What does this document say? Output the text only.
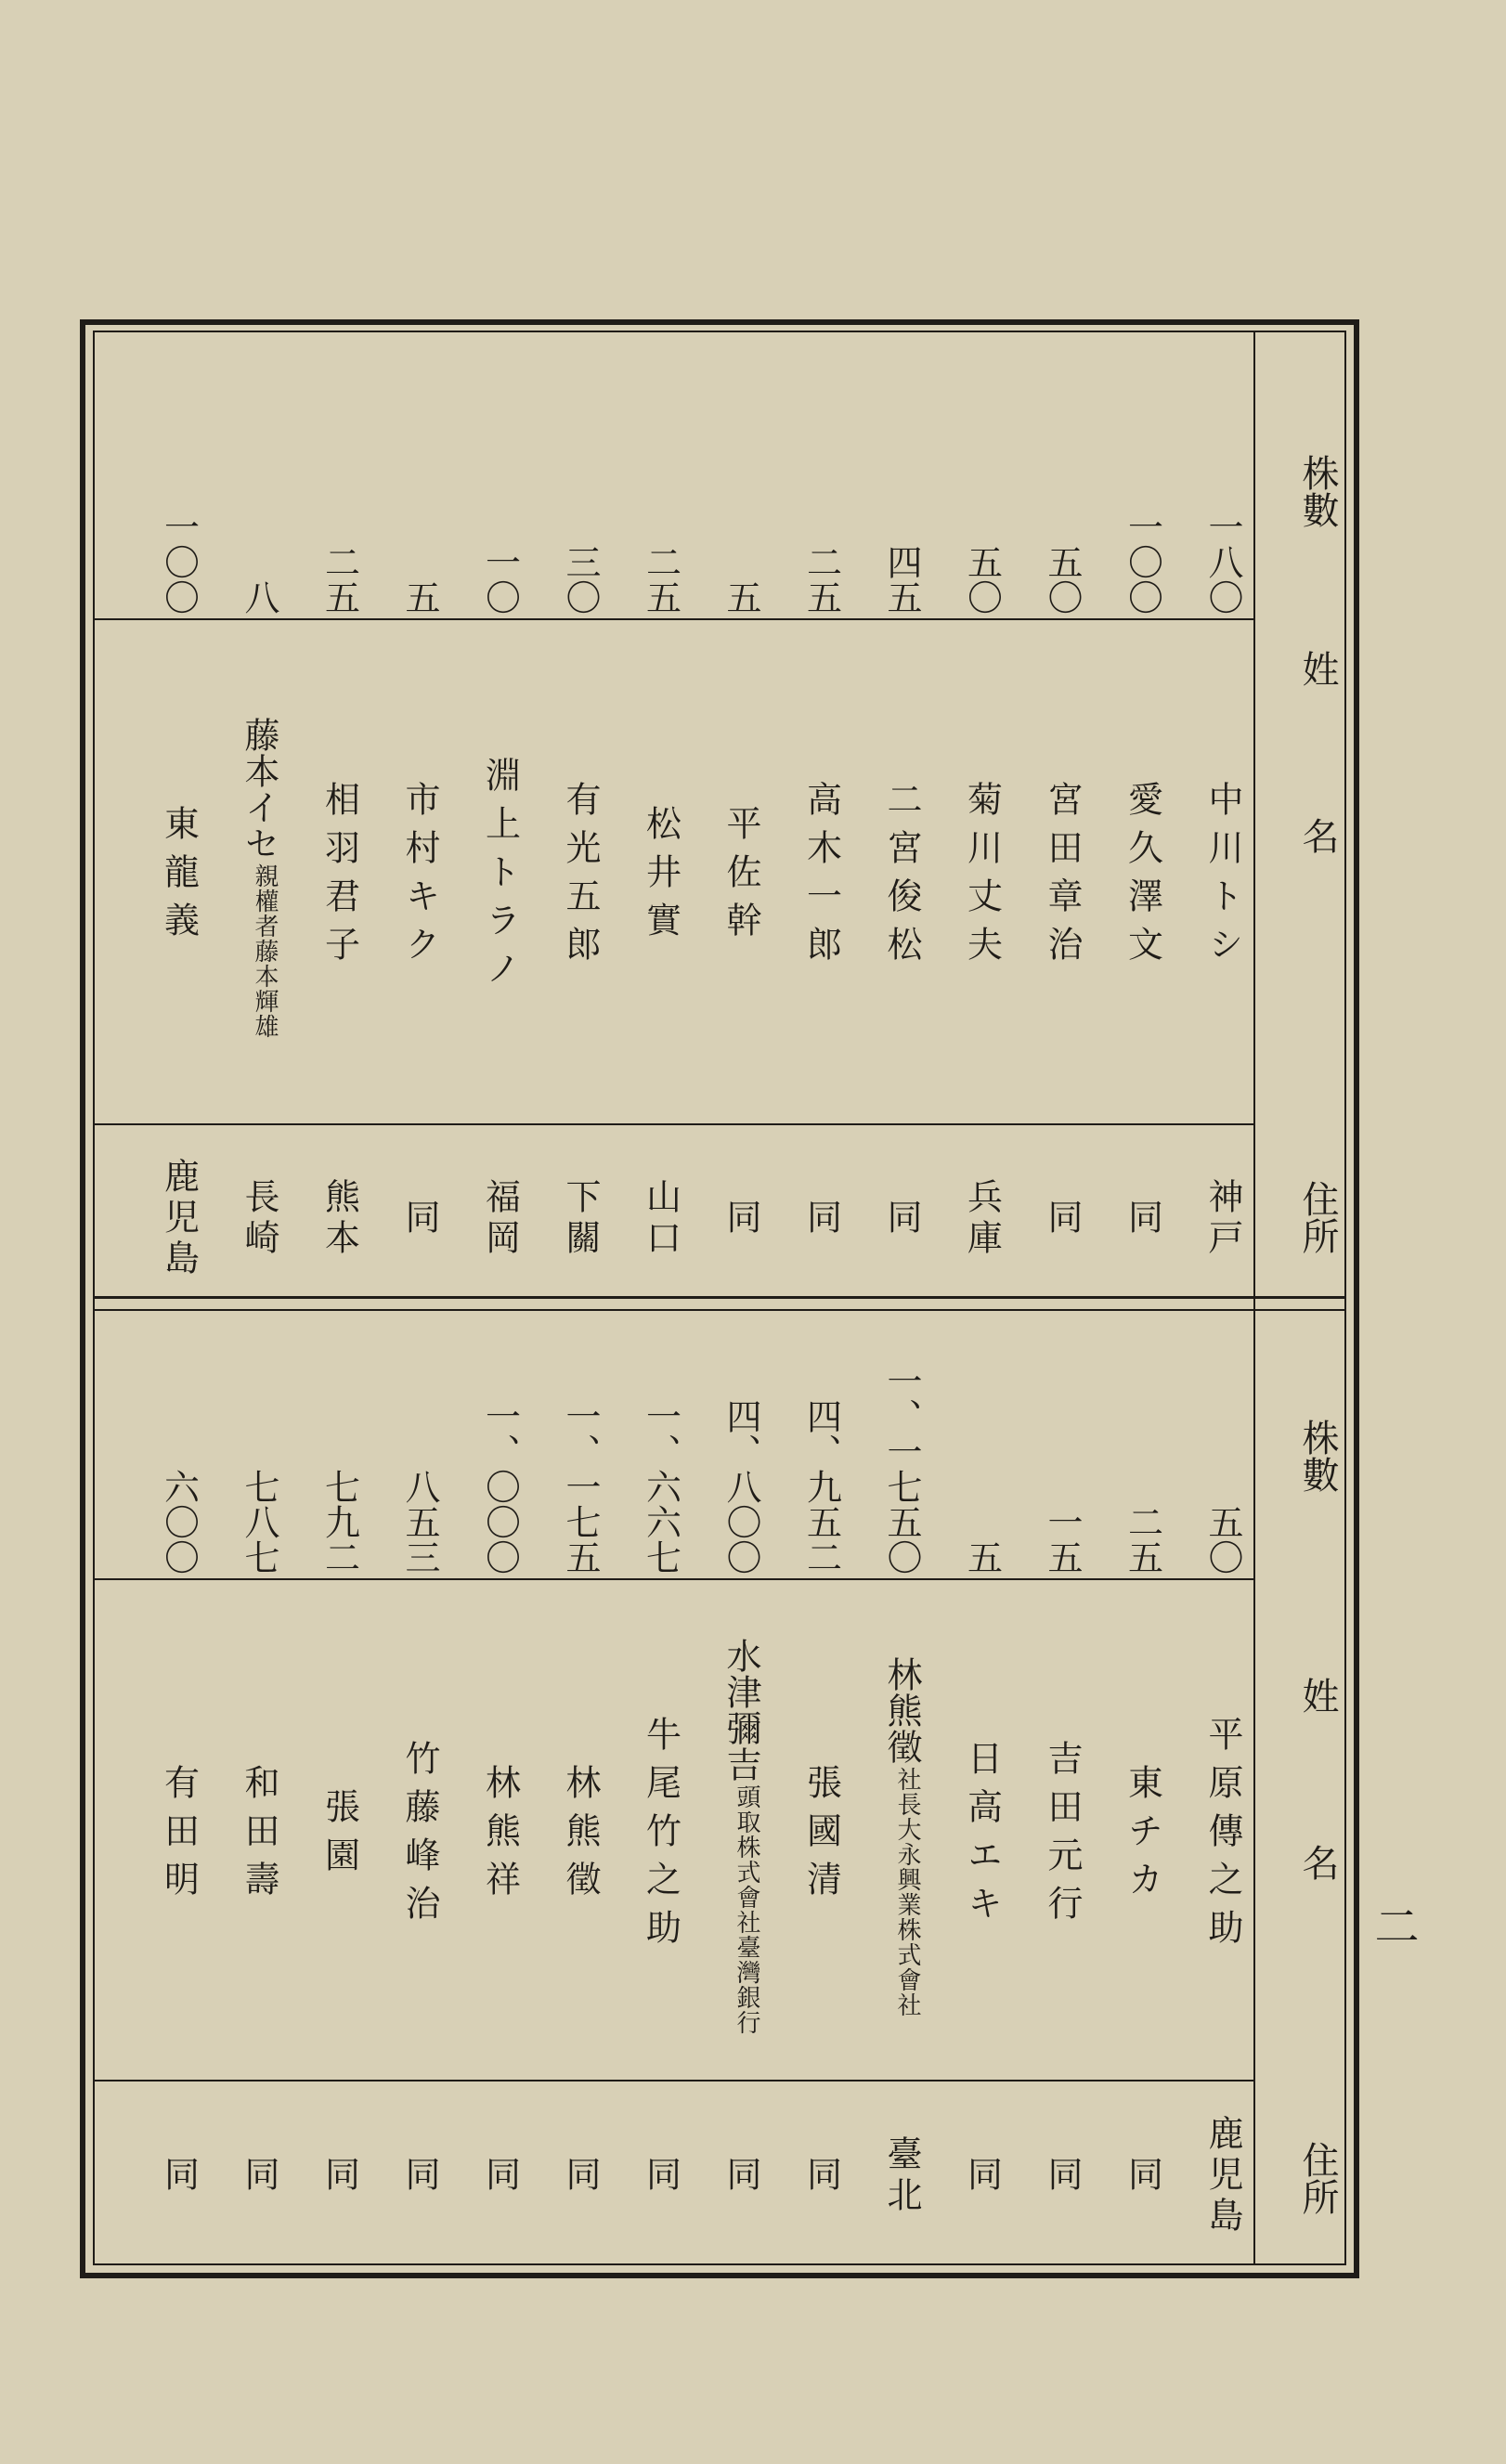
株數
姓名
住所
株數
姓名
住所
一八〇
中川トシ
神戸
一〇〇
愛久澤文
同
五〇
宮田章治
同
五〇
菊川丈夫
兵庫
四五
二宮俊松
同
二五
高木一郎
同
五
平佐幹
同
二五
松井實
山口
三〇
有光五郎
下關
一〇
淵上トラノ
福岡
五
市村キク
同
二五
相羽君子
熊本
八
藤本輝雄
親權者
藤本イセ
長崎
一〇〇
東龍義
鹿児島
五〇
平原傳之助
鹿児島
二五
東チカ
同
一五
吉田元行
同
五
日高エキ
同
一、一七五〇
大永興業株式會社
社長
林熊徵
臺北
四、九五二
張國清
同
四、八〇〇
株式會社臺灣銀行
頭取
水津彌吉
同
一、六六七
牛尾竹之助
同
一、一七五
林熊徵
同
一、〇〇〇
林熊祥
同
八五三
竹藤峰治
同
七九二
張園
同
七八七
和田壽
同
六〇〇
有田明
同
二
